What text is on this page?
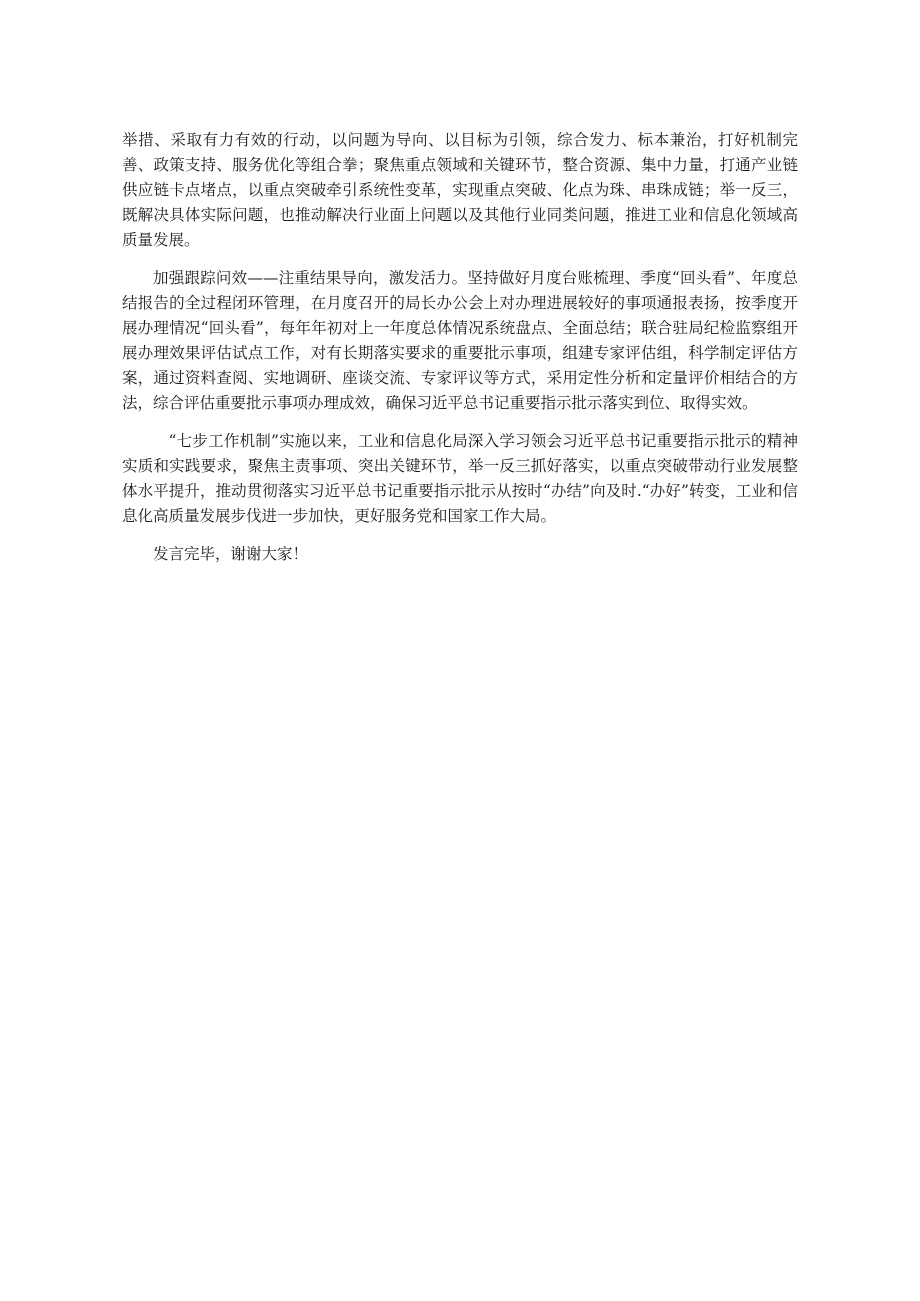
举措、采取有力有效的行动，以问题为导向、以目标为引领，综合发力、标本兼治，打好机制完善、政策支持、服务优化等组合拳；聚焦重点领域和关键环节，整合资源、集中力量，打通产业链供应链卡点堵点，以重点突破牵引系统性变革，实现重点突破、化点为珠、串珠成链；举一反三，既解决具体实际问题，也推动解决行业面上问题以及其他行业同类问题，推进工业和信息化领域高质量发展。

加强跟踪问效——注重结果导向，激发活力。坚持做好月度台账梳理、季度“回头看”、年度总结报告的全过程闭环管理，在月度召开的局长办公会上对办理进展较好的事项通报表扬，按季度开展办理情况“回头看”，每年年初对上一年度总体情况系统盘点、全面总结；联合驻局纪检监察组开展办理效果评估试点工作，对有长期落实要求的重要批示事项，组建专家评估组，科学制定评估方案，通过资料查阅、实地调研、座谈交流、专家评议等方式，采用定性分析和定量评价相结合的方法，综合评估重要批示事项办理成效，确保习近平总书记重要指示批示落实到位、取得实效。

“七步工作机制”实施以来，工业和信息化局深入学习领会习近平总书记重要指示批示的精神实质和实践要求，聚焦主责事项、突出关键环节，举一反三抓好落实，以重点突破带动行业发展整体水平提升，推动贯彻落实习近平总书记重要指示批示从按时“办结”向及时.“办好”转变，工业和信息化高质量发展步伐进一步加快，更好服务党和国家工作大局。

发言完毕，谢谢大家！
